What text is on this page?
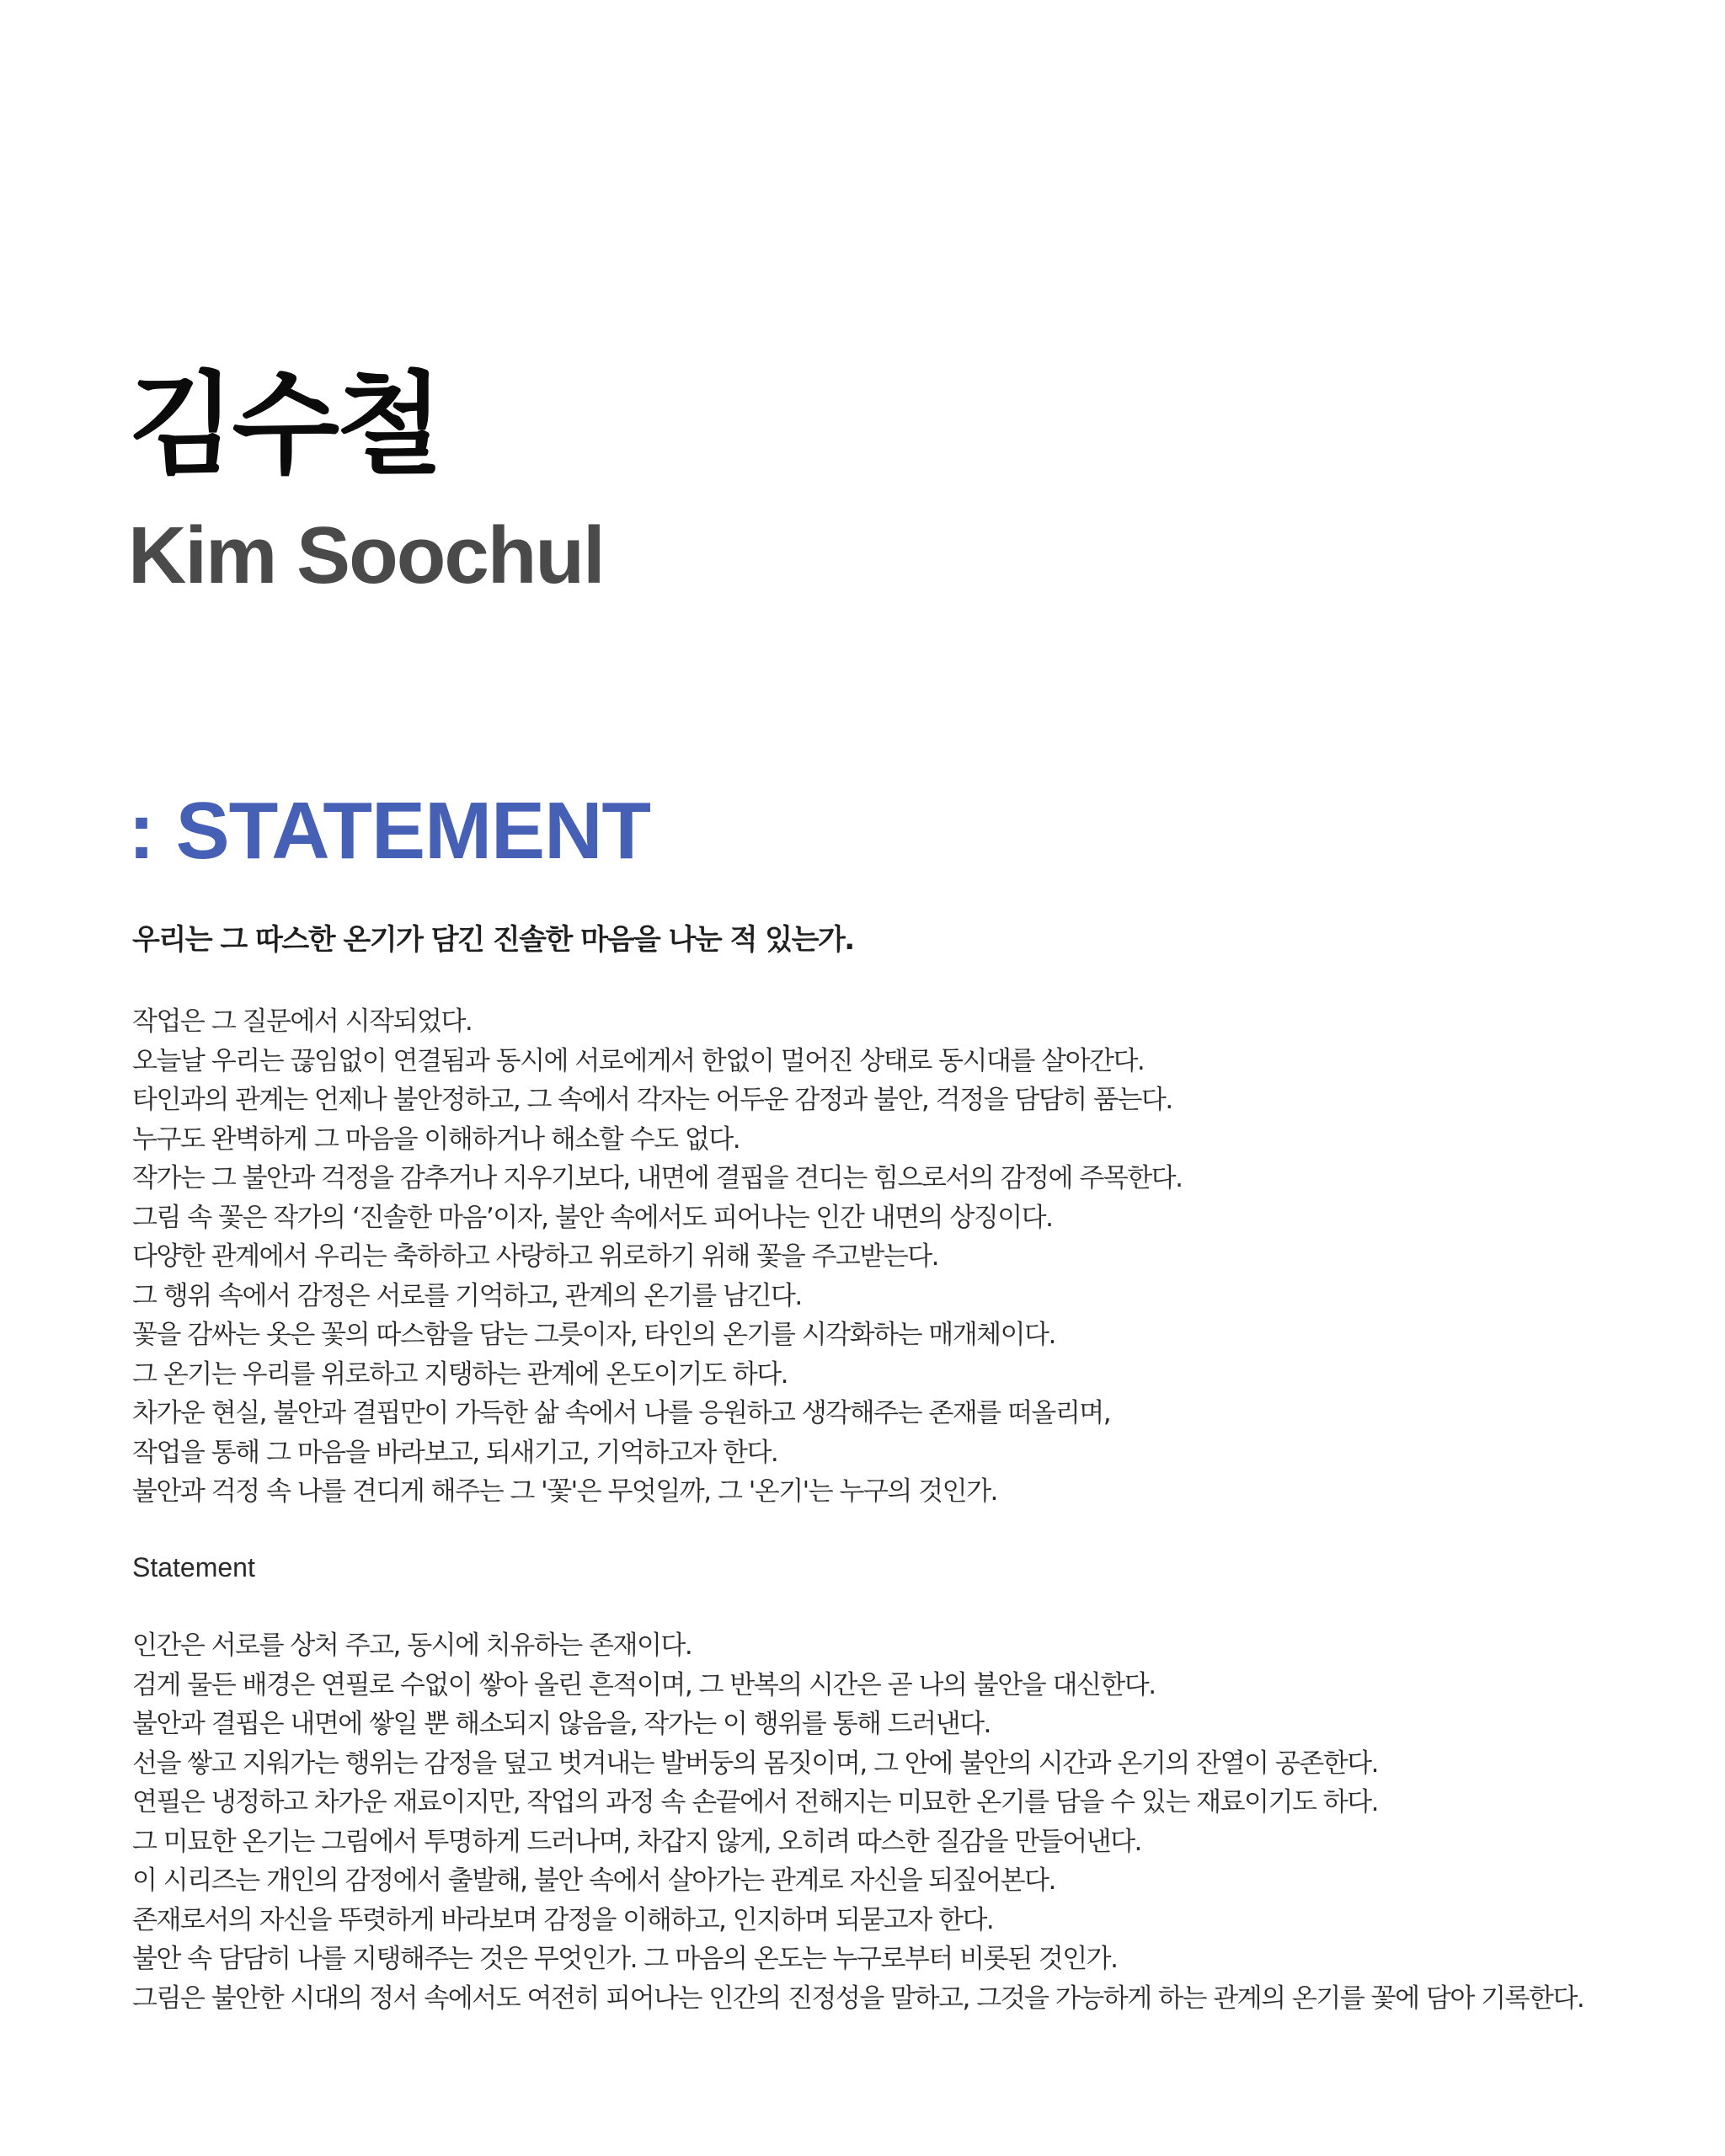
김수철
Kim Soochul
: STATEMENT

우리는 그 따스한 온기가 담긴 진솔한 마음을 나눈 적 있는가.

작업은 그 질문에서 시작되었다.
오늘날 우리는 끊임없이 연결됨과 동시에 서로에게서 한없이 멀어진 상태로 동시대를 살아간다.
타인과의 관계는 언제나 불안정하고, 그 속에서 각자는 어두운 감정과 불안, 걱정을 담담히 품는다.
누구도 완벽하게 그 마음을 이해하거나 해소할 수도 없다.
작가는 그 불안과 걱정을 감추거나 지우기보다, 내면에 결핍을 견디는 힘으로서의 감정에 주목한다.
그림 속 꽃은 작가의 ‘진솔한 마음’이자, 불안 속에서도 피어나는 인간 내면의 상징이다.
다양한 관계에서 우리는 축하하고 사랑하고 위로하기 위해 꽃을 주고받는다.
그 행위 속에서 감정은 서로를 기억하고, 관계의 온기를 남긴다.
꽃을 감싸는 옷은 꽃의 따스함을 담는 그릇이자, 타인의 온기를 시각화하는 매개체이다.
그 온기는 우리를 위로하고 지탱하는 관계에 온도이기도 하다.
차가운 현실, 불안과 결핍만이 가득한 삶 속에서 나를 응원하고 생각해주는 존재를 떠올리며,
작업을 통해 그 마음을 바라보고, 되새기고, 기억하고자 한다.
불안과 걱정 속 나를 견디게 해주는 그 '꽃'은 무엇일까, 그 '온기'는 누구의 것인가.

Statement

인간은 서로를 상처 주고, 동시에 치유하는 존재이다.
검게 물든 배경은 연필로 수없이 쌓아 올린 흔적이며, 그 반복의 시간은 곧 나의 불안을 대신한다.
불안과 결핍은 내면에 쌓일 뿐 해소되지 않음을, 작가는 이 행위를 통해 드러낸다.
선을 쌓고 지워가는 행위는 감정을 덮고 벗겨내는 발버둥의 몸짓이며, 그 안에 불안의 시간과 온기의 잔열이 공존한다.
연필은 냉정하고 차가운 재료이지만, 작업의 과정 속 손끝에서 전해지는 미묘한 온기를 담을 수 있는 재료이기도 하다.
그 미묘한 온기는 그림에서 투명하게 드러나며, 차갑지 않게, 오히려 따스한 질감을 만들어낸다.
이 시리즈는 개인의 감정에서 출발해, 불안 속에서 살아가는 관계로 자신을 되짚어본다.
존재로서의 자신을 뚜렷하게 바라보며 감정을 이해하고, 인지하며 되묻고자 한다.
불안 속 담담히 나를 지탱해주는 것은 무엇인가. 그 마음의 온도는 누구로부터 비롯된 것인가.
그림은 불안한 시대의 정서 속에서도 여전히 피어나는 인간의 진정성을 말하고, 그것을 가능하게 하는 관계의 온기를 꽃에 담아 기록한다.
